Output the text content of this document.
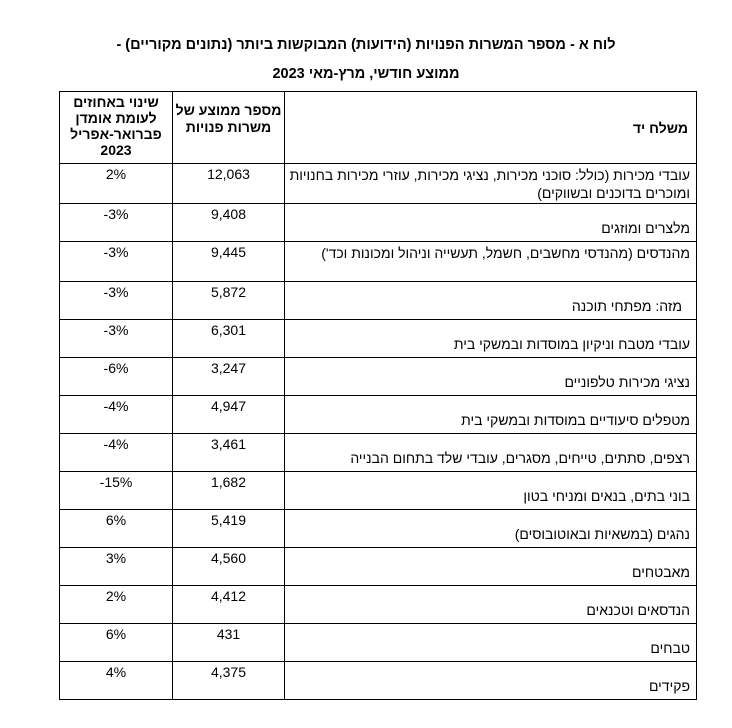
לוח א - מספר המשרות הפנויות (הידועות) המבוקשות ביותר (נתונים מקוריים) -
ממוצע חודשי, מרץ-מאי 2023
משלח יד	מספר ממוצע של משרות פנויות	שינוי באחוזים לעומת אומדן פברואר-אפריל 2023
עובדי מכירות (כולל: סוכני מכירות, נציגי מכירות, עוזרי מכירות בחנויות ומוכרים בדוכנים ובשווקים)	12,063	2%
מלצרים ומוזגים	9,408	-3%
מהנדסים (מהנדסי מחשבים, חשמל, תעשייה וניהול ומכונות וכד')	9,445	-3%
מזה: מפתחי תוכנה	5,872	-3%
עובדי מטבח וניקיון במוסדות ובמשקי בית	6,301	-3%
נציגי מכירות טלפוניים	3,247	-6%
מטפלים סיעודיים במוסדות ובמשקי בית	4,947	-4%
רצפים, סתתים, טייחים, מסגרים, עובדי שלד בתחום הבנייה	3,461	-4%
בוני בתים, בנאים ומניחי בטון	1,682	-15%
נהגים (במשאיות ובאוטובוסים)	5,419	6%
מאבטחים	4,560	3%
הנדסאים וטכנאים	4,412	2%
טבחים	431	6%
פקידים	4,375	4%
